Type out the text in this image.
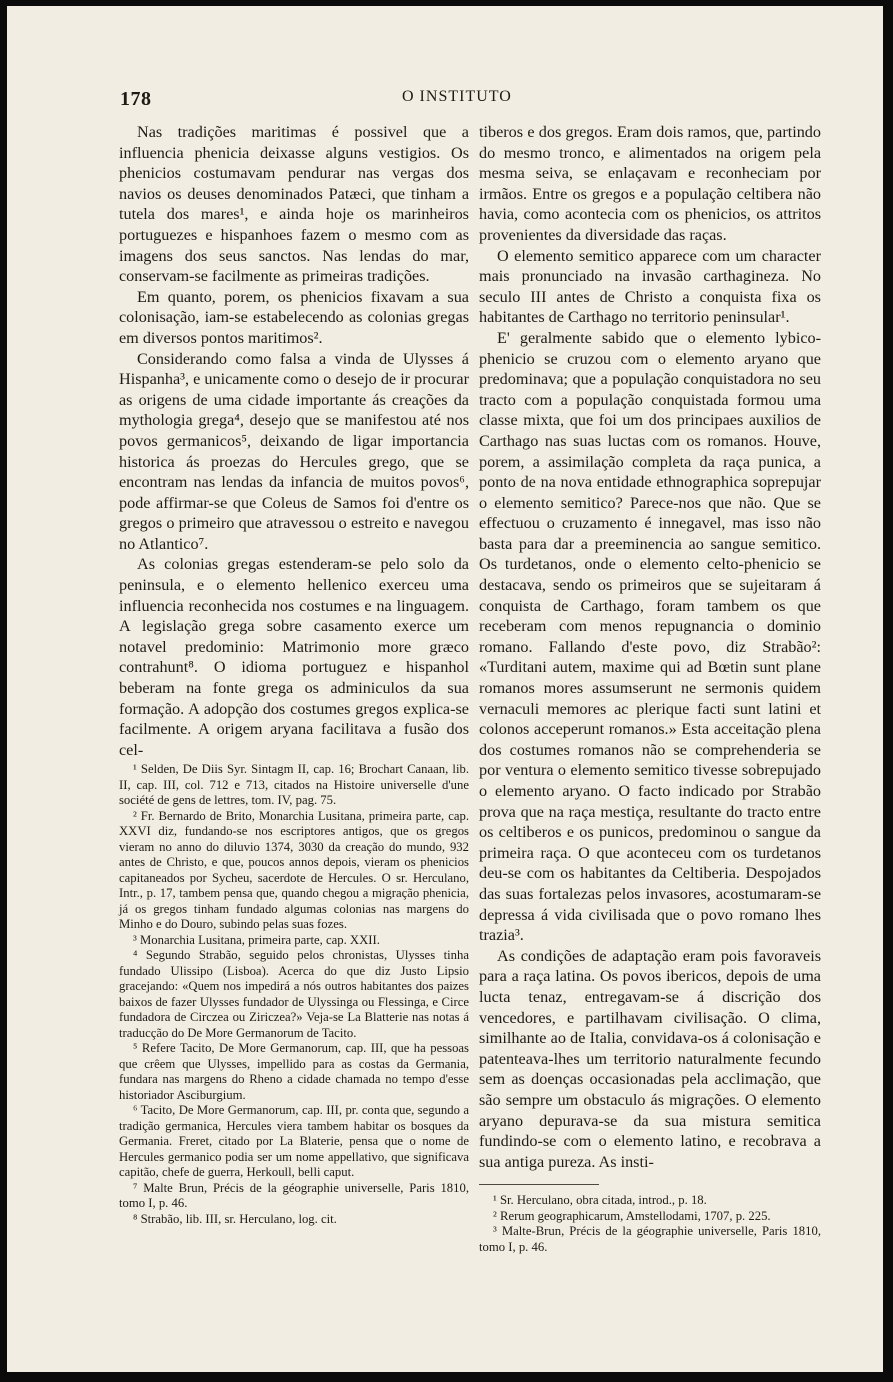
178	O INSTITUTO

Nas tradições maritimas é possivel que a influencia phenicia deixasse alguns vestigios. Os phenicios costumavam pendurar nas vergas dos navios os deuses denominados Patæci, que tinham a tutela dos mares¹, e ainda hoje os marinheiros portuguezes e hispanhoes fazem o mesmo com as imagens dos seus sanctos. Nas lendas do mar, conservam-se facilmente as primeiras tradições.

Em quanto, porem, os phenicios fixavam a sua colonisação, iam-se estabelecendo as colonias gregas em diversos pontos maritimos².

Considerando como falsa a vinda de Ulysses á Hispanha³, e unicamente como o desejo de ir procurar as origens de uma cidade importante ás creações da mythologia grega⁴, desejo que se manifestou até nos povos germanicos⁵, deixando de ligar importancia historica ás proezas do Hercules grego, que se encontram nas lendas da infancia de muitos povos⁶, pode affirmar-se que Coleus de Samos foi d'entre os gregos o primeiro que atravessou o estreito e navegou no Atlantico⁷.

As colonias gregas estenderam-se pelo solo da peninsula, e o elemento hellenico exerceu uma influencia reconhecida nos costumes e na linguagem. A legislação grega sobre casamento exerce um notavel predominio: Matrimonio more græco contrahunt⁸. O idioma portuguez e hispanhol beberam na fonte grega os adminiculos da sua formação. A adopção dos costumes gregos explica-se facilmente. A origem aryana facilitava a fusão dos cel-

¹ Selden, De Diis Syr. Sintagm II, cap. 16; Brochart Canaan, lib. II, cap. III, col. 712 e 713, citados na Histoire universelle d'une société de gens de lettres, tom. IV, pag. 75.

² Fr. Bernardo de Brito, Monarchia Lusitana, primeira parte, cap. XXVI diz, fundando-se nos escriptores antigos, que os gregos vieram no anno do diluvio 1374, 3030 da creação do mundo, 932 antes de Christo, e que, poucos annos depois, vieram os phenicios capitaneados por Sycheu, sacerdote de Hercules. O sr. Herculano, Intr., p. 17, tambem pensa que, quando chegou a migração phenicia, já os gregos tinham fundado algumas colonias nas margens do Minho e do Douro, subindo pelas suas fozes.

³ Monarchia Lusitana, primeira parte, cap. XXII.

⁴ Segundo Strabão, seguido pelos chronistas, Ulysses tinha fundado Ulissipo (Lisboa). Acerca do que diz Justo Lipsio gracejando: «Quem nos impedirá a nós outros habitantes dos paizes baixos de fazer Ulysses fundador de Ulyssinga ou Flessinga, e Circe fundadora de Circzea ou Ziriczea?» Veja-se La Blatterie nas notas á traducção do De More Germanorum de Tacito.

⁵ Refere Tacito, De More Germanorum, cap. III, que ha pessoas que crêem que Ulysses, impellido para as costas da Germania, fundara nas margens do Rheno a cidade chamada no tempo d'esse historiador Asciburgium.

⁶ Tacito, De More Germanorum, cap. III, pr. conta que, segundo a tradição germanica, Hercules viera tambem habitar os bosques da Germania. Freret, citado por La Blaterie, pensa que o nome de Hercules germanico podia ser um nome appellativo, que significava capitão, chefe de guerra, Herkoull, belli caput.

⁷ Malte Brun, Précis de la géographie universelle, Paris 1810, tomo I, p. 46.

⁸ Strabão, lib. III, sr. Herculano, log. cit.

tiberos e dos gregos. Eram dois ramos, que, partindo do mesmo tronco, e alimentados na origem pela mesma seiva, se enlaçavam e reconheciam por irmãos. Entre os gregos e a população celtibera não havia, como acontecia com os phenicios, os attritos provenientes da diversidade das raças.

O elemento semitico apparece com um character mais pronunciado na invasão carthagineza. No seculo III antes de Christo a conquista fixa os habitantes de Carthago no territorio peninsular¹.

E' geralmente sabido que o elemento lybico-phenicio se cruzou com o elemento aryano que predominava; que a população conquistadora no seu tracto com a população conquistada formou uma classe mixta, que foi um dos principaes auxilios de Carthago nas suas luctas com os romanos. Houve, porem, a assimilação completa da raça punica, a ponto de na nova entidade ethnographica soprepujar o elemento semitico? Parece-nos que não. Que se effectuou o cruzamento é innegavel, mas isso não basta para dar a preeminencia ao sangue semitico. Os turdetanos, onde o elemento celto-phenicio se destacava, sendo os primeiros que se sujeitaram á conquista de Carthago, foram tambem os que receberam com menos repugnancia o dominio romano. Fallando d'este povo, diz Strabão²: «Turditani autem, maxime qui ad Bœtin sunt plane romanos mores assumserunt ne sermonis quidem vernaculi memores ac plerique facti sunt latini et colonos acceperunt romanos.» Esta acceitação plena dos costumes romanos não se comprehenderia se por ventura o elemento semitico tivesse sobrepujado o elemento aryano. O facto indicado por Strabão prova que na raça mestiça, resultante do tracto entre os celtiberos e os punicos, predominou o sangue da primeira raça. O que aconteceu com os turdetanos deu-se com os habitantes da Celtiberia. Despojados das suas fortalezas pelos invasores, acostumaram-se depressa á vida civilisada que o povo romano lhes trazia³.

As condições de adaptação eram pois favoraveis para a raça latina. Os povos ibericos, depois de uma lucta tenaz, entregavam-se á discrição dos vencedores, e partilhavam civilisação. O clima, similhante ao de Italia, convidava-os á colonisação e patenteava-lhes um territorio naturalmente fecundo sem as doenças occasionadas pela acclimação, que são sempre um obstaculo ás migrações. O elemento aryano depurava-se da sua mistura semitica fundindo-se com o elemento latino, e recobrava a sua antiga pureza. As insti-

¹ Sr. Herculano, obra citada, introd., p. 18.

² Rerum geographicarum, Amstellodami, 1707, p. 225.

³ Malte-Brun, Précis de la géographie universelle, Paris 1810, tomo I, p. 46.
